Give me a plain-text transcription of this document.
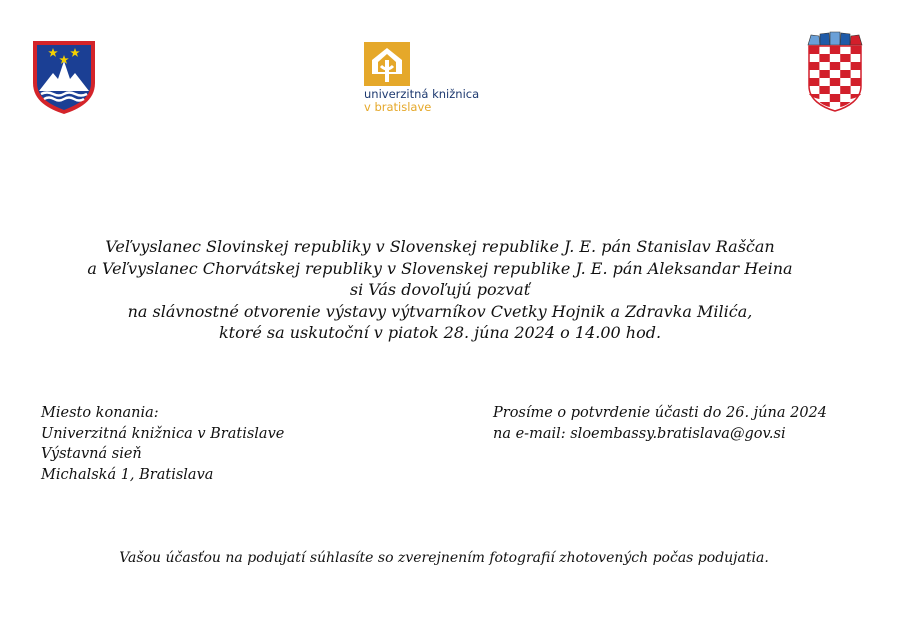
univerzitná knižnica
v bratislave
Veľvyslanec Slovinskej republiky v Slovenskej republike J. E. pán Stanislav Raščan
a Veľvyslanec Chorvátskej republiky v Slovenskej republike J. E. pán Aleksandar Heina
si Vás dovoľujú pozvať
na slávnostné otvorenie výstavy výtvarníkov Cvetky Hojnik a Zdravka Milića,
ktoré sa uskutoční v piatok 28. júna 2024 o 14.00 hod.
Miesto konania:
Univerzitná knižnica v Bratislave
Výstavná sieň
Michalská 1, Bratislava
Prosíme o potvrdenie účasti do 26. júna 2024
na e-mail: sloembassy.bratislava@gov.si
Vašou účasťou na podujatí súhlasíte so zverejnením fotografií zhotovených počas podujatia.
